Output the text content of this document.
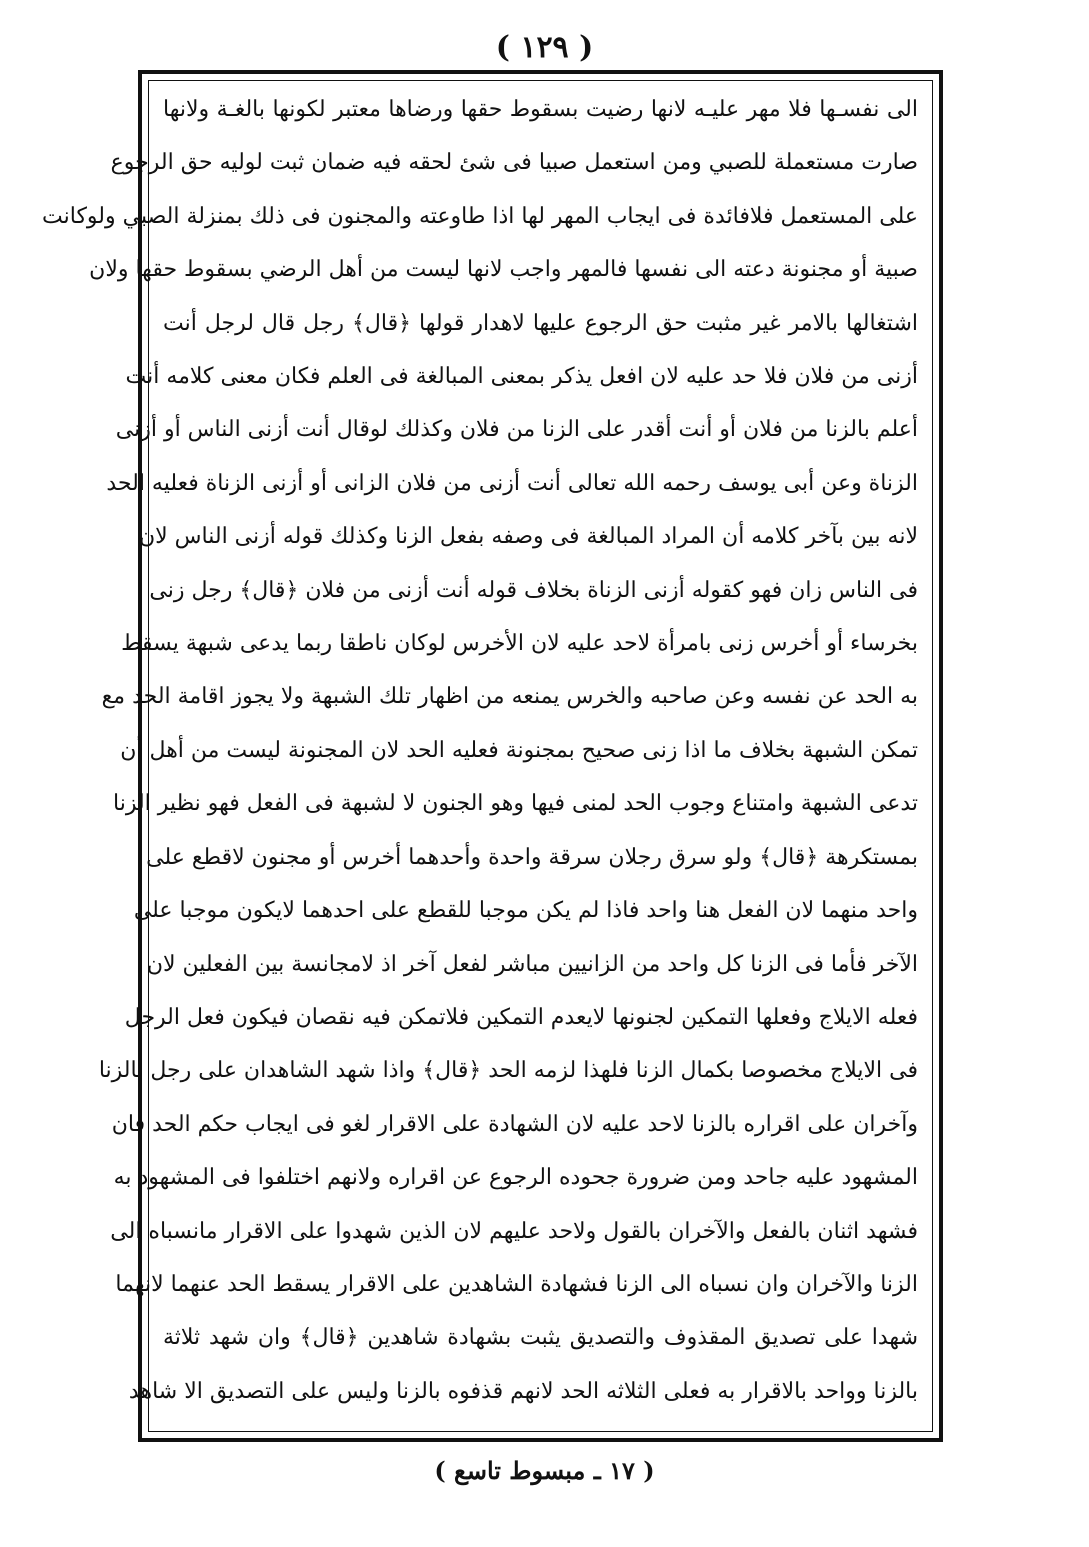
( ١٢٩ )
الى نفسـها فلا مهر عليـه لانها رضيت بسقوط حقها ورضاها معتبر لكونها بالغـة ولانها
صارت مستعملة للصبي ومن استعمل صبيا فى شئ لحقه فيه ضمان ثبت لوليه حق الرجوع
على المستعمل فلافائدة فى ايجاب المهر لها اذا طاوعته والمجنون فى ذلك بمنزلة الصبي ولوكانت
صبية أو مجنونة دعته الى نفسها فالمهر واجب لانها ليست من أهل الرضي بسقوط حقها ولان
اشتغالها بالامر غير مثبت حق الرجوع عليها لاهدار قولها ﴿قال﴾ رجل قال لرجل أنت
أزنى من فلان فلا حد عليه لان افعل يذكر بمعنى المبالغة فى العلم فكان معنى كلامه أنت
أعلم بالزنا من فلان أو أنت أقدر على الزنا من فلان وكذلك لوقال أنت أزنى الناس أو أزنى
الزناة وعن أبى يوسف رحمه الله تعالى أنت أزنى من فلان الزانى أو أزنى الزناة فعليه الحد
لانه بين بآخر كلامه أن المراد المبالغة فى وصفه بفعل الزنا وكذلك قوله أزنى الناس لان
فى الناس زان فهو كقوله أزنى الزناة بخلاف قوله أنت أزنى من فلان ﴿قال﴾ رجل زنى
بخرساء أو أخرس زنى بامرأة لاحد عليه لان الأخرس لوكان ناطقا ربما يدعى شبهة يسقط
به الحد عن نفسه وعن صاحبه والخرس يمنعه من اظهار تلك الشبهة ولا يجوز اقامة الحد مع
تمكن الشبهة بخلاف ما اذا زنى صحيح بمجنونة فعليه الحد لان المجنونة ليست من أهل أن
تدعى الشبهة وامتناع وجوب الحد لمنى فيها وهو الجنون لا لشبهة فى الفعل فهو نظير الزنا
بمستكرهة ﴿قال﴾ ولو سرق رجلان سرقة واحدة وأحدهما أخرس أو مجنون لاقطع على
واحد منهما لان الفعل هنا واحد فاذا لم يكن موجبا للقطع على احدهما لايكون موجبا على
الآخر فأما فى الزنا كل واحد من الزانيين مباشر لفعل آخر اذ لامجانسة بين الفعلين لان
فعله الايلاج وفعلها التمكين لجنونها لايعدم التمكين فلاتمكن فيه نقصان فيكون فعل الرجل
فى الايلاج مخصوصا بكمال الزنا فلهذا لزمه الحد ﴿قال﴾ واذا شهد الشاهدان على رجل بالزنا
وآخران على اقراره بالزنا لاحد عليه لان الشهادة على الاقرار لغو فى ايجاب حكم الحد فان
المشهود عليه جاحد ومن ضرورة جحوده الرجوع عن اقراره ولانهم اختلفوا فى المشهود به
فشهد اثنان بالفعل والآخران بالقول ولاحد عليهم لان الذين شهدوا على الاقرار مانسباه الى
الزنا والآخران وان نسباه الى الزنا فشهادة الشاهدين على الاقرار يسقط الحد عنهما لانهما
شهدا على تصديق المقذوف والتصديق يثبت بشهادة شاهدين ﴿قال﴾ وان شهد ثلاثة
بالزنا وواحد بالاقرار به فعلى الثلاثه الحد لانهم قذفوه بالزنا وليس على التصديق الا شاهد
( ١٧ ـ مبسوط تاسع )
